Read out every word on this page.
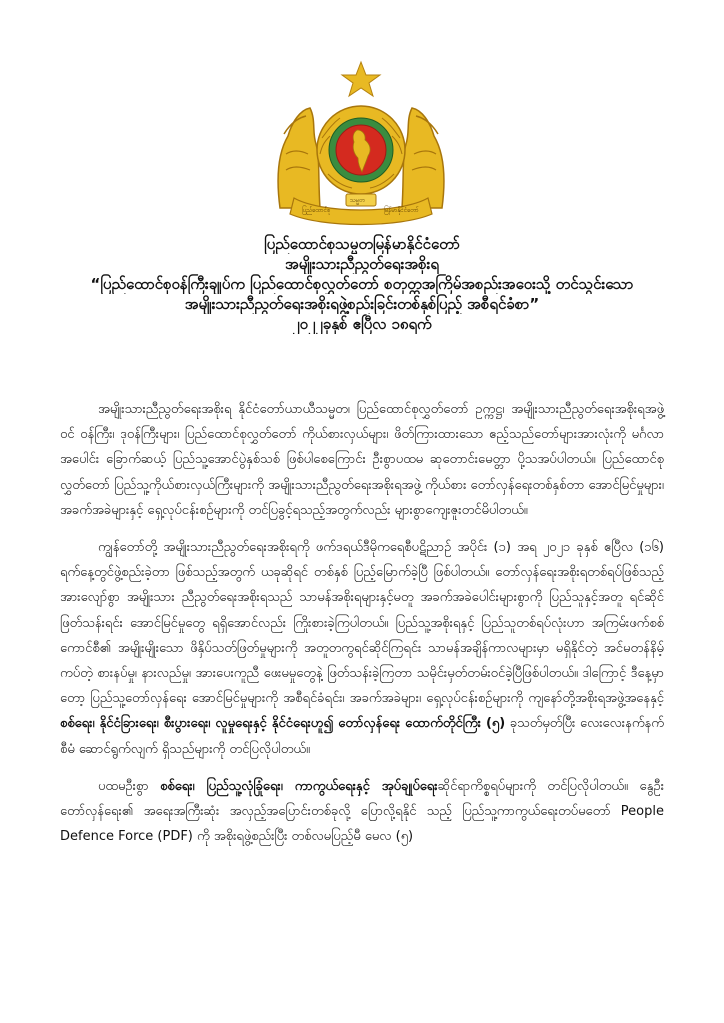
ပြည်ထောင်စု
သမ္မတ
မြန်မာနိုင်ငံတော်
ပြည်ထောင်စုသမ္မတမြန်မာနိုင်ငံတော်
အမျိုးသားညီညွတ်ရေးအစိုးရ
“ပြည်ထောင်စုဝန်ကြီးချုပ်က ပြည်ထောင်စုလွှတ်တော် စတုတ္ထအကြိမ်အစည်းအဝေးသို့ တင်သွင်းသော
အမျိုးသားညီညွတ်ရေးအစိုးရဖွဲ့စည်းခြင်းတစ်နှစ်ပြည့် အစီရင်ခံစာ”
၂၀၂၂ခုနှစ် ဧပြီလ ၁၈ရက်

အမျိုးသားညီညွတ်ရေးအစိုးရ နိုင်ငံတော်ယာယီသမ္မတ၊ ပြည်ထောင်စုလွှတ်တော် ဥက္ကဋ္ဌ၊ အမျိုးသားညီညွတ်ရေးအစိုးရအဖွဲ့ဝင် ဝန်ကြီး၊ ဒုဝန်ကြီးများ၊ ပြည်ထောင်စုလွှတ်တော် ကိုယ်စားလှယ်များ၊ ဖိတ်ကြားထားသော ဧည့်သည်တော်များအားလုံးကို မင်္ဂလာအပေါင်း ခြောက်ဆယ့် ပြည်သူ့အောင်ပွဲနှစ်သစ် ဖြစ်ပါစေကြောင်း ဦးစွာပထမ ဆုတောင်းမေတ္တာ ပို့သအပ်ပါတယ်။ ပြည်ထောင်စုလွှတ်တော် ပြည်သူ့ကိုယ်စားလှယ်ကြီးများကို အမျိုးသားညီညွတ်ရေးအစိုးရအဖွဲ့ ကိုယ်စား တော်လှန်ရေးတစ်နှစ်တာ အောင်မြင်မှုများ၊ အခက်အခဲများနှင့် ရှေ့လုပ်ငန်းစဉ်များကို တင်ပြခွင့်ရသည့်အတွက်လည်း များစွာကျေးဇူးတင်မိပါတယ်။

ကျွန်တော်တို့ အမျိုးသားညီညွတ်ရေးအစိုးရကို ဖက်ဒရယ်ဒီမိုကရေစီပဋိညာဉ် အပိုင်း (၁) အရ ၂၀၂၁ ခုနှစ် ဧပြီလ (၁၆) ရက်နေ့တွင်ဖွဲ့စည်းခဲ့တာ ဖြစ်သည့်အတွက် ယခုဆိုရင် တစ်နှစ် ပြည့်မြောက်ခဲ့ပြီ ဖြစ်ပါတယ်။ တော်လှန်ရေးအစိုးရတစ်ရပ်ဖြစ်သည့် အားလျော်စွာ အမျိုးသား ညီညွတ်ရေးအစိုးရသည် သာမန်အစိုးရများနှင့်မတူ အခက်အခဲပေါင်းများစွာကို ပြည်သူနှင့်အတူ ရင်ဆိုင်ဖြတ်သန်းရင်း အောင်မြင်မှုတွေ ရရှိအောင်လည်း ကြိုးစားခဲ့ကြပါတယ်။ ပြည်သူ့အစိုးရနှင့် ပြည်သူတစ်ရပ်လုံးဟာ အကြမ်းဖက်စစ်ကောင်စီ၏ အမျိုးမျိုးသော ဖိနှိပ်သတ်ဖြတ်မှုများကို အတူတကွရင်ဆိုင်ကြရင်း သာမန်အချိန်ကာလများမှာ မရှိနိုင်တဲ့ အင်မတန်နိမ့်ကပ်တဲ့ စားနပ်မှု၊ နားလည်မှု၊ အားပေးကူညီ ဖေးမမှုတွေနဲ့ ဖြတ်သန်းခဲ့ကြတာ သမိုင်းမှတ်တမ်းဝင်ခဲ့ပြီဖြစ်ပါတယ်။ ဒါကြောင့် ဒီနေ့မှာတော့ ပြည်သူ့တော်လှန်ရေး အောင်မြင်မှုများကို အစီရင်ခံရင်း၊ အခက်အခဲများ၊ ရှေ့လုပ်ငန်းစဉ်များကို ကျနော်တို့အစိုးရအဖွဲ့အနေနှင့် စစ်ရေး၊ နိုင်ငံခြားရေး၊ စီးပွားရေး၊ လူမှုရေးနှင့် နိုင်ငံရေးဟူ၍ တော်လှန်ရေး ထောက်တိုင်ကြီး (၅) ခုသတ်မှတ်ပြီး လေးလေးနက်နက် စီမံ ဆောင်ရွက်လျက် ရှိသည်များကို တင်ပြလိုပါတယ်။

ပထမဦးစွာ စစ်ရေး၊ ပြည်သူ့လုံခြုံရေး၊ ကာကွယ်ရေးနှင့် အုပ်ချုပ်ရေးဆိုင်ရာကိစ္စရပ်များကို တင်ပြလိုပါတယ်။ နွေဦးတော်လှန်ရေး၏ အရေးအကြီးဆုံး အလှည့်အပြောင်းတစ်ခုလို့ ပြောလို့ရနိုင် သည့် ပြည်သူ့ကာကွယ်ရေးတပ်မတော် People Defence Force (PDF) ကို အစိုးရဖွဲ့စည်းပြီး တစ်လမပြည့်မီ မေလ (၅)
